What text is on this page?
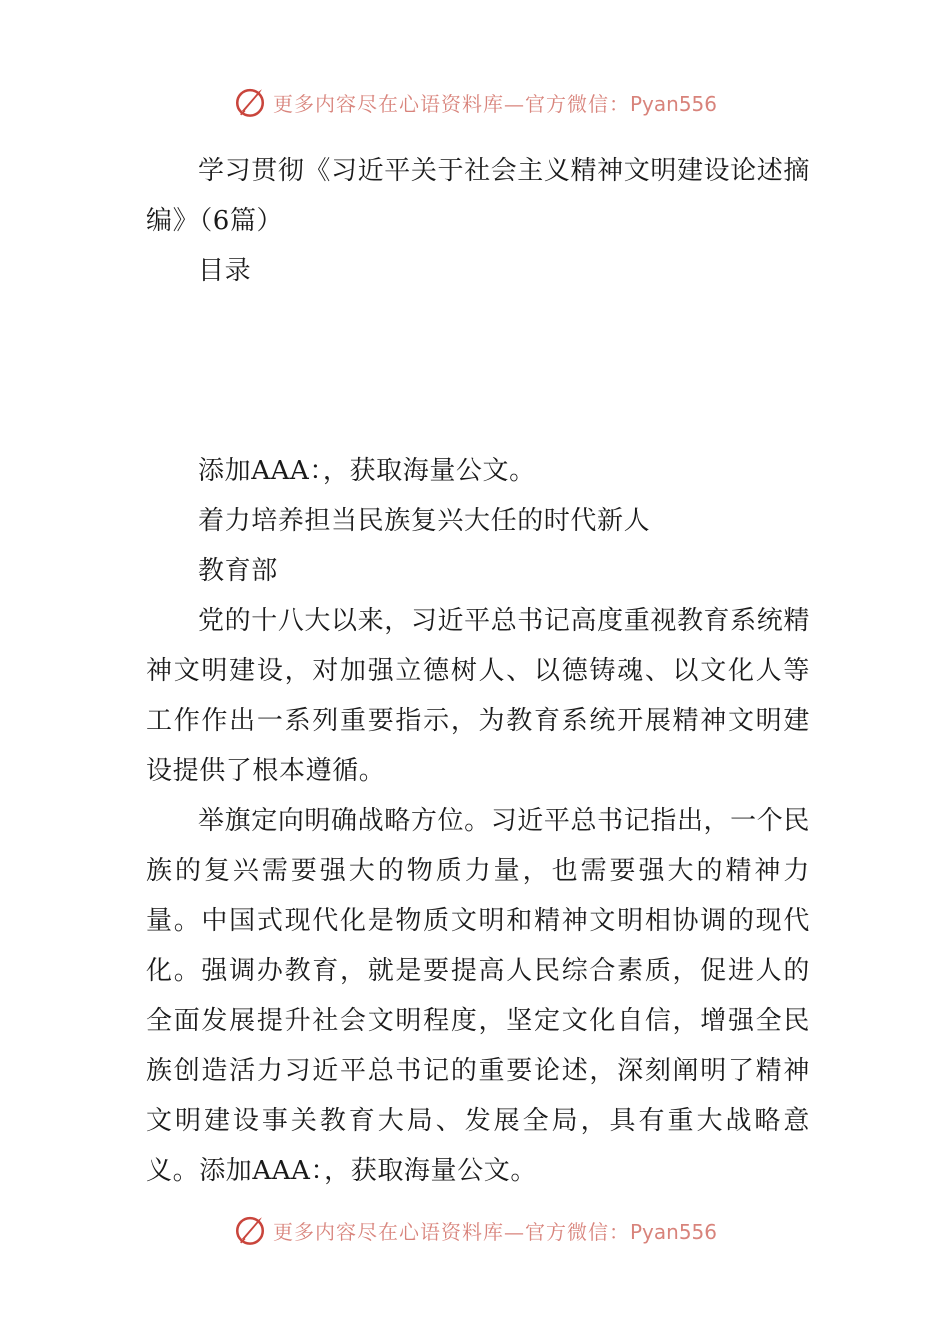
更多内容尽在心语资料库—官方微信：Pyan556

学习贯彻《习近平关于社会主义精神文明建设论述摘编》（6篇）

目录

添加AAA：，获取海量公文。

着力培养担当民族复兴大任的时代新人

教育部

党的十八大以来，习近平总书记高度重视教育系统精神文明建设，对加强立德树人、以德铸魂、以文化人等工作作出一系列重要指示，为教育系统开展精神文明建设提供了根本遵循。

举旗定向明确战略方位。习近平总书记指出，一个民族的复兴需要强大的物质力量，也需要强大的精神力量。中国式现代化是物质文明和精神文明相协调的现代化。强调办教育，就是要提高人民综合素质，促进人的全面发展提升社会文明程度，坚定文化自信，增强全民族创造活力习近平总书记的重要论述，深刻阐明了精神文明建设事关教育大局、发展全局，具有重大战略意义。添加AAA：，获取海量公文。

更多内容尽在心语资料库—官方微信：Pyan556
